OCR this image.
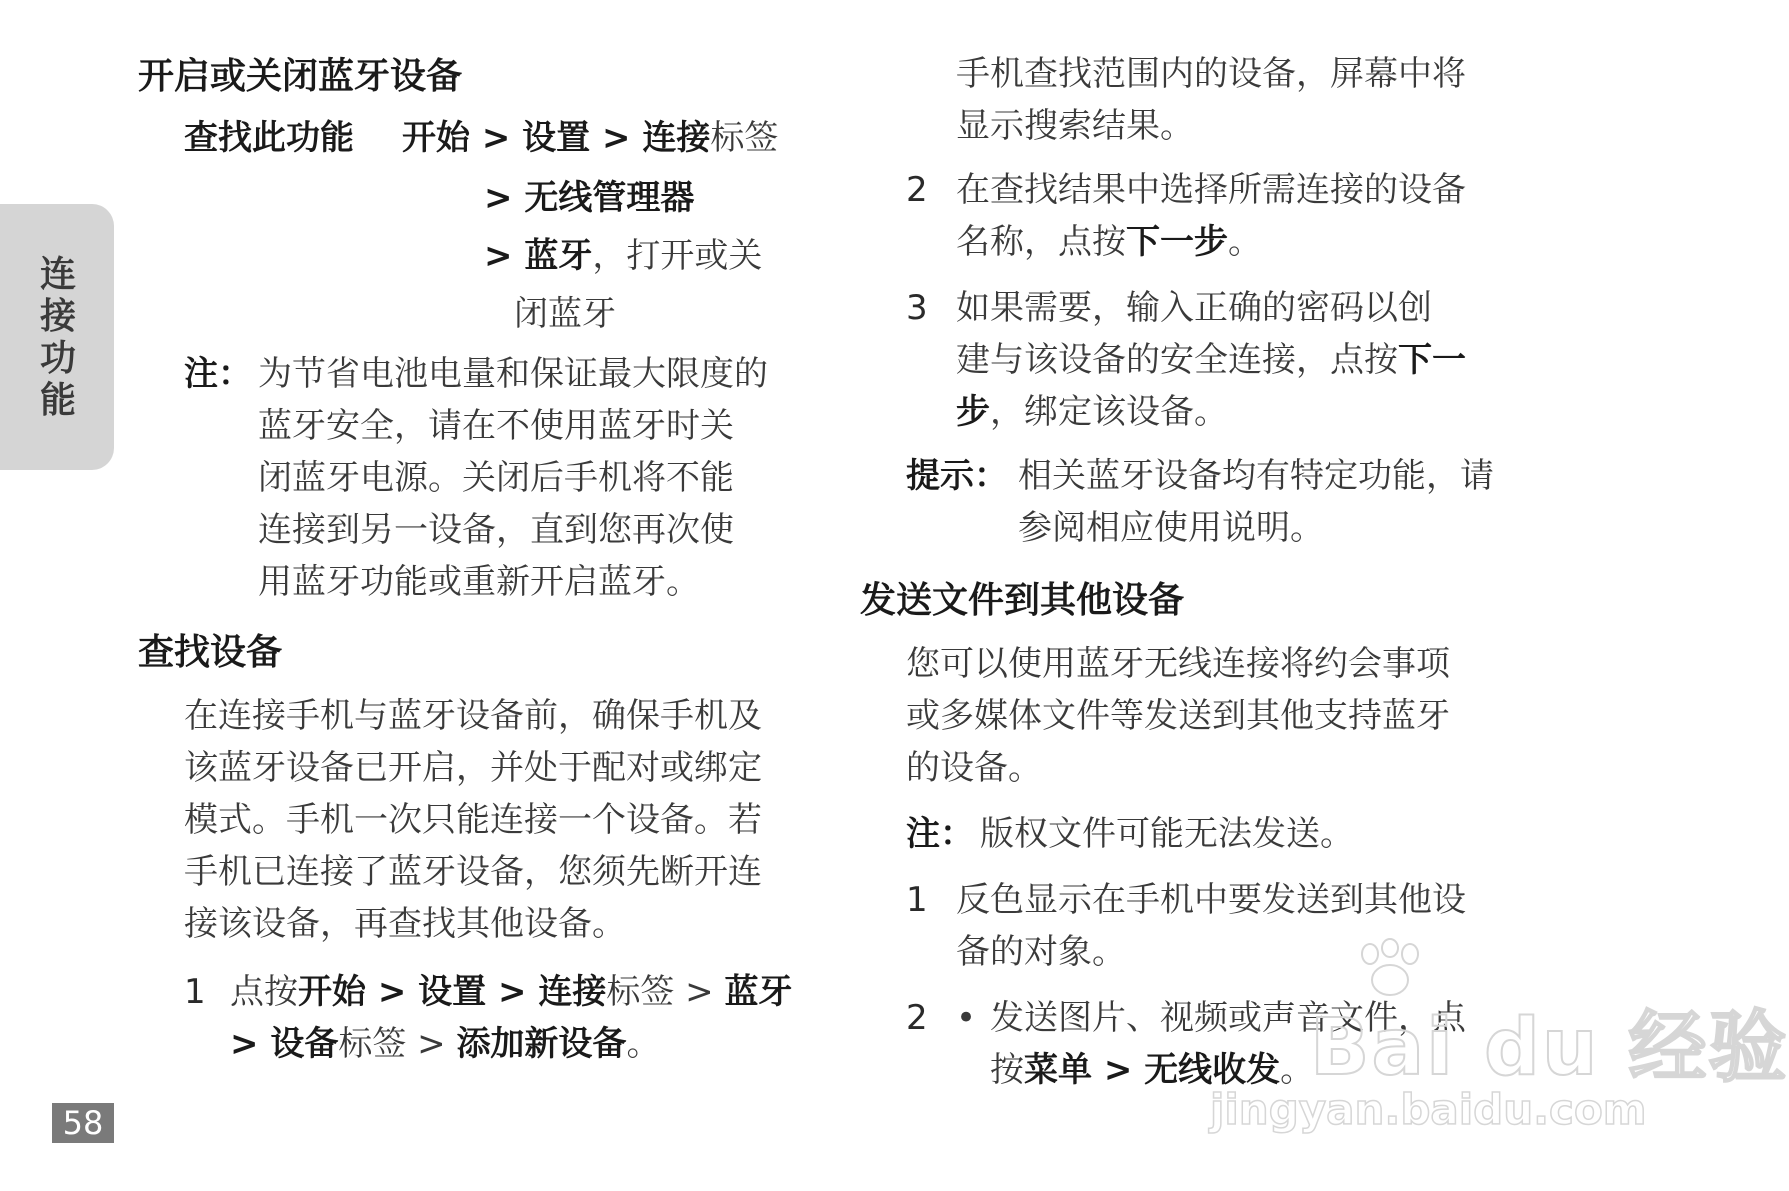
连接功能
58
开启或关闭蓝牙设备
查找此功能 开始 > 设置 > 连接标签
> 无线管理器
> 蓝牙，打开或关
闭蓝牙
注： 为节省电池电量和保证最大限度的
蓝牙安全，请在不使用蓝牙时关
闭蓝牙电源。关闭后手机将不能
连接到另一设备，直到您再次使
用蓝牙功能或重新开启蓝牙。
查找设备
在连接手机与蓝牙设备前，确保手机及
该蓝牙设备已开启，并处于配对或绑定
模式。手机一次只能连接一个设备。若
手机已连接了蓝牙设备，您须先断开连
接该设备，再查找其他设备。
1 点按开始 > 设置 > 连接标签 > 蓝牙
> 设备标签 > 添加新设备。
手机查找范围内的设备，屏幕中将
显示搜索结果。
2 在查找结果中选择所需连接的设备
名称，点按下一步。
3 如果需要，输入正确的密码以创
建与该设备的安全连接，点按下一
步，绑定该设备。
提示： 相关蓝牙设备均有特定功能，请
参阅相应使用说明。
发送文件到其他设备
您可以使用蓝牙无线连接将约会事项
或多媒体文件等发送到其他支持蓝牙
的设备。
注： 版权文件可能无法发送。
1 反色显示在手机中要发送到其他设
备的对象。
2 • 发送图片、视频或声音文件，点
按菜单 > 无线收发。
Bai du 经验
jingyan.baidu.com
